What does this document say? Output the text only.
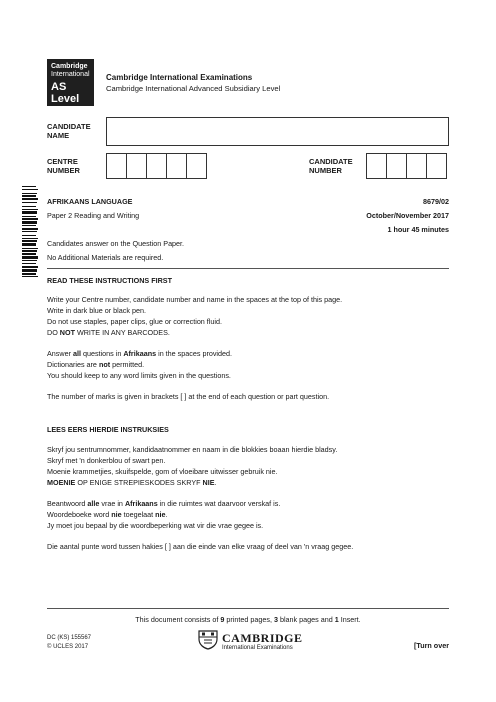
Cambridge
International
AS Level
Cambridge International Examinations
Cambridge International Advanced Subsidiary Level
CANDIDATE NAME
CENTRE NUMBER
CANDIDATE NUMBER
AFRIKAANS LANGUAGE	8679/02
Paper 2 Reading and Writing	October/November 2017
1 hour 45 minutes
Candidates answer on the Question Paper.
No Additional Materials are required.
READ THESE INSTRUCTIONS FIRST
Write your Centre number, candidate number and name in the spaces at the top of this page.
Write in dark blue or black pen.
Do not use staples, paper clips, glue or correction fluid.
DO NOT WRITE IN ANY BARCODES.
Answer all questions in Afrikaans in the spaces provided.
Dictionaries are not permitted.
You should keep to any word limits given in the questions.
The number of marks is given in brackets [ ] at the end of each question or part question.
LEES EERS HIERDIE INSTRUKSIES
Skryf jou sentrumnommer, kandidaatnommer en naam in die blokkies boaan hierdie bladsy.
Skryf met 'n donkerblou of swart pen.
Moenie krammetjies, skuifspelde, gom of vloeibare uitwisser gebruik nie.
MOENIE OP ENIGE STREPIESKODES SKRYF NIE.
Beantwoord alle vrae in Afrikaans in die ruimtes wat daarvoor verskaf is.
Woordeboeke word nie toegelaat nie.
Jy moet jou bepaal by die woordbeperking wat vir die vrae gegee is.
Die aantal punte word tussen hakies [ ] aan die einde van elke vraag of deel van 'n vraag gegee.
This document consists of 9 printed pages, 3 blank pages and 1 Insert.
DC (KS) 155567
© UCLES 2017
CAMBRIDGE
International Examinations	[Turn over
